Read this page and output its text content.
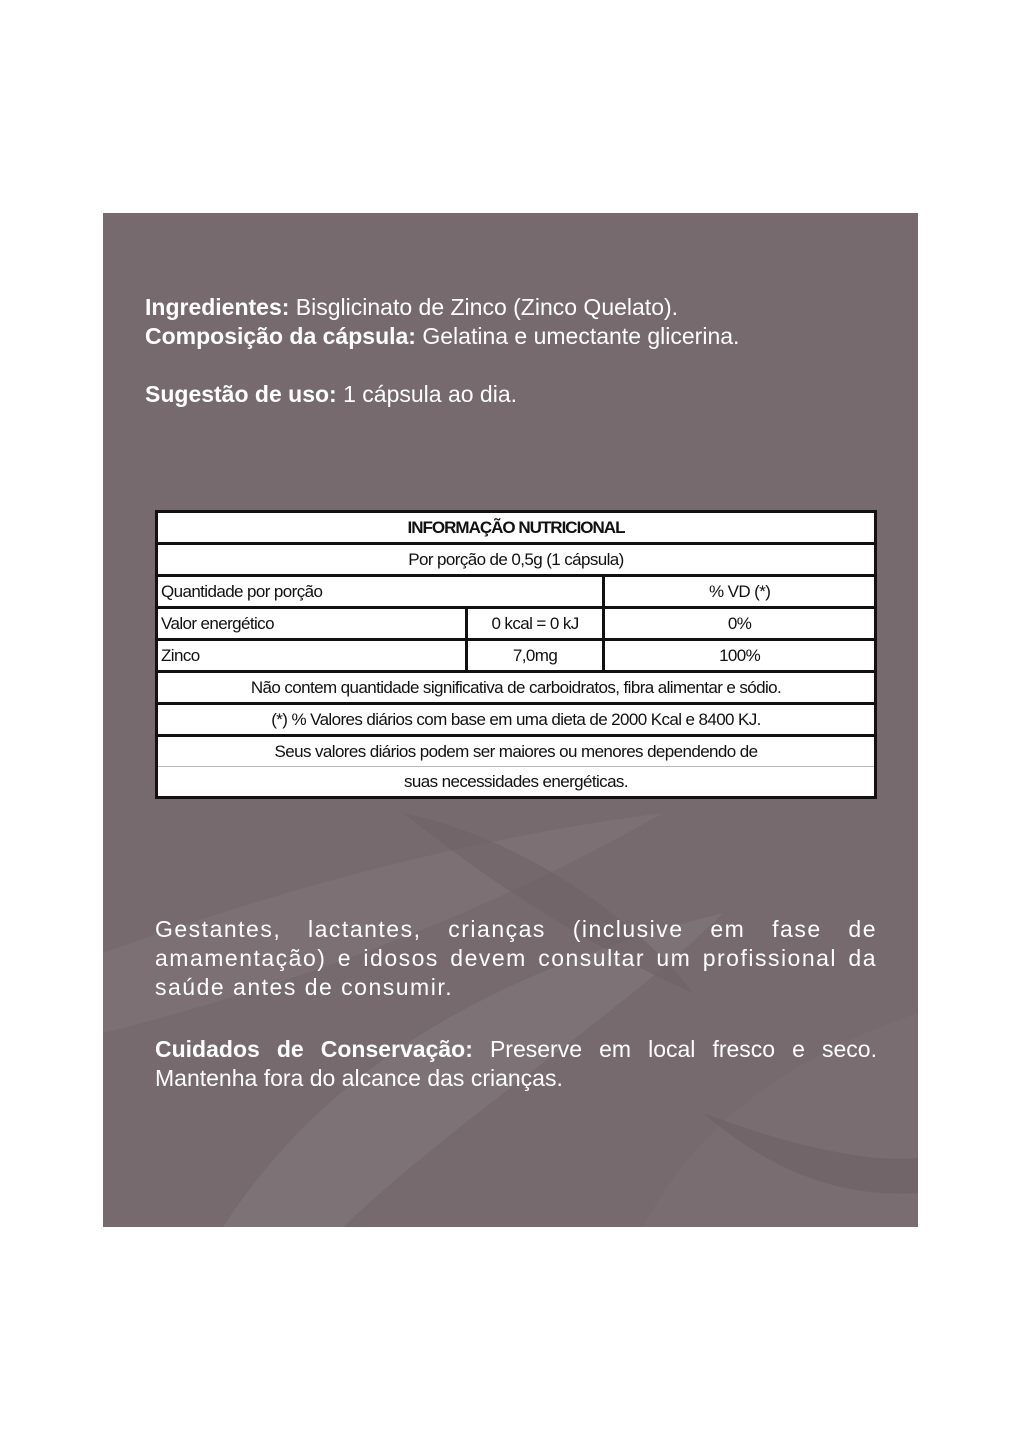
Ingredientes: Bisglicinato de Zinco (Zinco Quelato).
Composição da cápsula: Gelatina e umectante glicerina.
Sugestão de uso: 1 cápsula ao dia.
INFORMAÇÃO NUTRICIONAL		
Por porção de 0,5g (1 cápsula)		
Quantidade por porção		% VD (*)
Valor energético	0 kcal = 0 kJ	0%
Zinco	7,0mg	100%
Não contem quantidade significativa de carboidratos, fibra alimentar e sódio.		
(*) % Valores diários com base em uma dieta de 2000 Kcal e 8400 KJ.		
Seus valores diários podem ser maiores ou menores dependendo de		
suas necessidades energéticas.		
Gestantes, lactantes, crianças (inclusive em fase de amamentação) e idosos devem consultar um profissional da saúde antes de consumir.
Cuidados de Conservação: Preserve em local fresco e seco. Mantenha fora do alcance das crianças.
